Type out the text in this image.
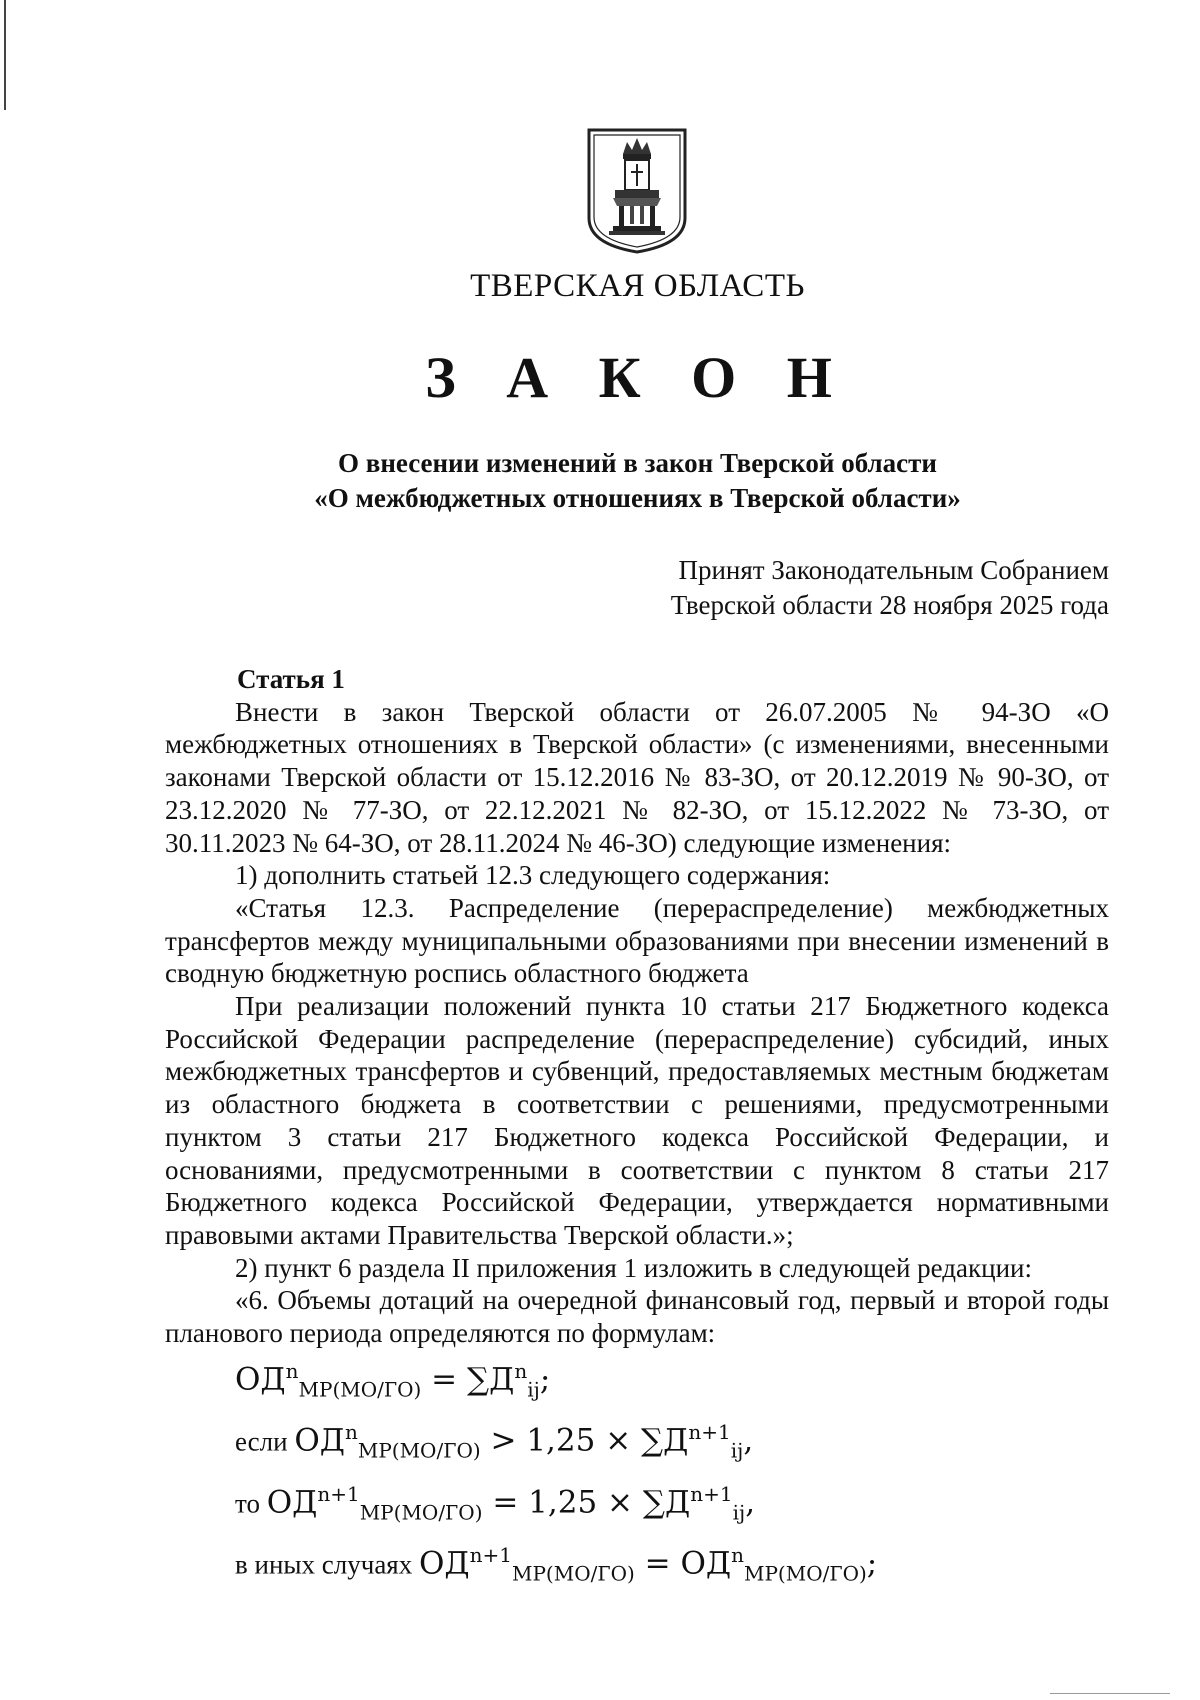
ТВЕРСКАЯ ОБЛАСТЬ
З А К О Н
О внесении изменений в закон Тверской области
«О межбюджетных отношениях в Тверской области»
Принят Законодательным Собранием
Тверской области 28 ноября 2025 года
Статья 1

Внести в закон Тверской области от 26.07.2005 № 94-ЗО «О межбюджетных отношениях в Тверской области» (с изменениями, внесенными законами Тверской области от 15.12.2016 № 83-ЗО, от 20.12.2019 № 90-ЗО, от 23.12.2020 № 77-ЗО, от 22.12.2021 № 82-ЗО, от 15.12.2022 № 73-ЗО, от 30.11.2023 № 64-ЗО, от 28.11.2024 № 46-ЗО) следующие изменения:

1) дополнить статьей 12.3 следующего содержания:

«Статья 12.3. Распределение (перераспределение) межбюджетных трансфертов между муниципальными образованиями при внесении изменений в сводную бюджетную роспись областного бюджета

При реализации положений пункта 10 статьи 217 Бюджетного кодекса Российской Федерации распределение (перераспределение) субсидий, иных межбюджетных трансфертов и субвенций, предоставляемых местным бюджетам из областного бюджета в соответствии с решениями, предусмотренными пунктом 3 статьи 217 Бюджетного кодекса Российской Федерации, и основаниями, предусмотренными в соответствии с пунктом 8 статьи 217 Бюджетного кодекса Российской Федерации, утверждается нормативными правовыми актами Правительства Тверской области.»;

2) пункт 6 раздела II приложения 1 изложить в следующей редакции:

«6. Объемы дотаций на очередной финансовый год, первый и второй годы планового периода определяются по формулам:

$ОД^n_{МР(МО/ГО)} = \sum Д^n_{ij}$;
если $ОД^n_{МР(МО/ГО)} > 1,25 \times \sum Д^{n+1}_{ij}$,
то $ОД^{n+1}_{МР(МО/ГО)} = 1,25 \times \sum Д^{n+1}_{ij}$,
в иных случаях $ОД^{n+1}_{МР(МО/ГО)} = ОД^n_{МР(МО/ГО)}$;
